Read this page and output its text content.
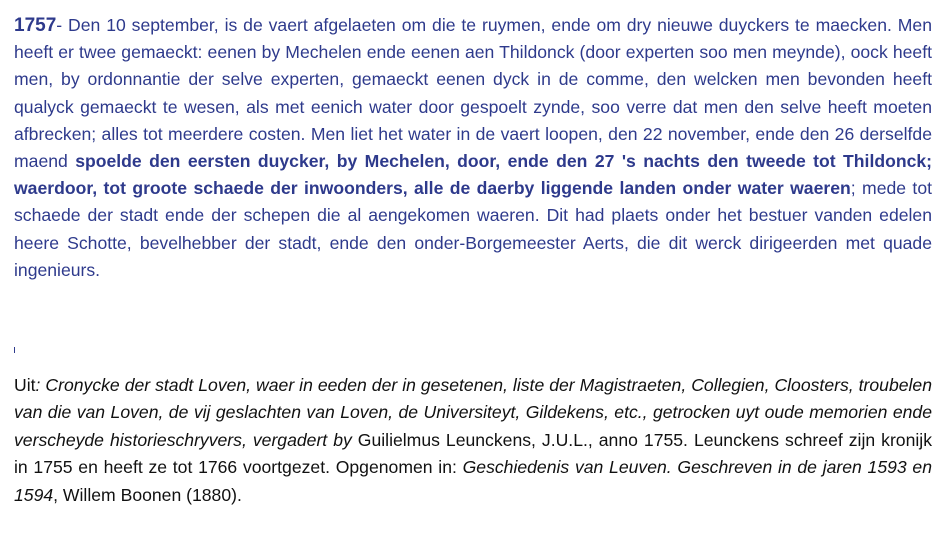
1757- Den 10 september, is de vaert afgelaeten om die te ruymen, ende om dry nieuwe duyckers te maecken. Men heeft er twee gemaeckt: eenen by Mechelen ende eenen aen Thildonck (door experten soo men meynde), oock heeft men, by ordonnantie der selve experten, gemaeckt eenen dyck in de comme, den welcken men bevonden heeft qualyck gemaeckt te wesen, als met eenich water door gespoelt zynde, soo verre dat men den selve heeft moeten afbrecken; alles tot meerdere costen. Men liet het water in de vaert loopen, den 22 november, ende den 26 derselfde maend spoelde den eersten duycker, by Mechelen, door, ende den 27 's nachts den tweede tot Thildonck; waerdoor, tot groote schaede der inwoonders, alle de daerby liggende landen onder water waeren; mede tot schaede der stadt ende der schepen die al aengekomen waeren. Dit had plaets onder het bestuer vanden edelen heere Schotte, bevelhebber der stadt, ende den onder-Borgemeester Aerts, die dit werck dirigeerden met quade ingenieurs.

Uit: Cronycke der stadt Loven, waer in eeden der in gesetenen, liste der Magistraeten, Collegien, Cloosters, troubelen van die van Loven, de vij geslachten van Loven, de Universiteyt, Gildekens, etc., getrocken uyt oude memorien ende verscheyde historieschryvers, vergadert by Guilielmus Leunckens, J.U.L., anno 1755. Leunckens schreef zijn kronijk in 1755 en heeft ze tot 1766 voortgezet. Opgenomen in: Geschiedenis van Leuven. Geschreven in de jaren 1593 en 1594, Willem Boonen (1880).
